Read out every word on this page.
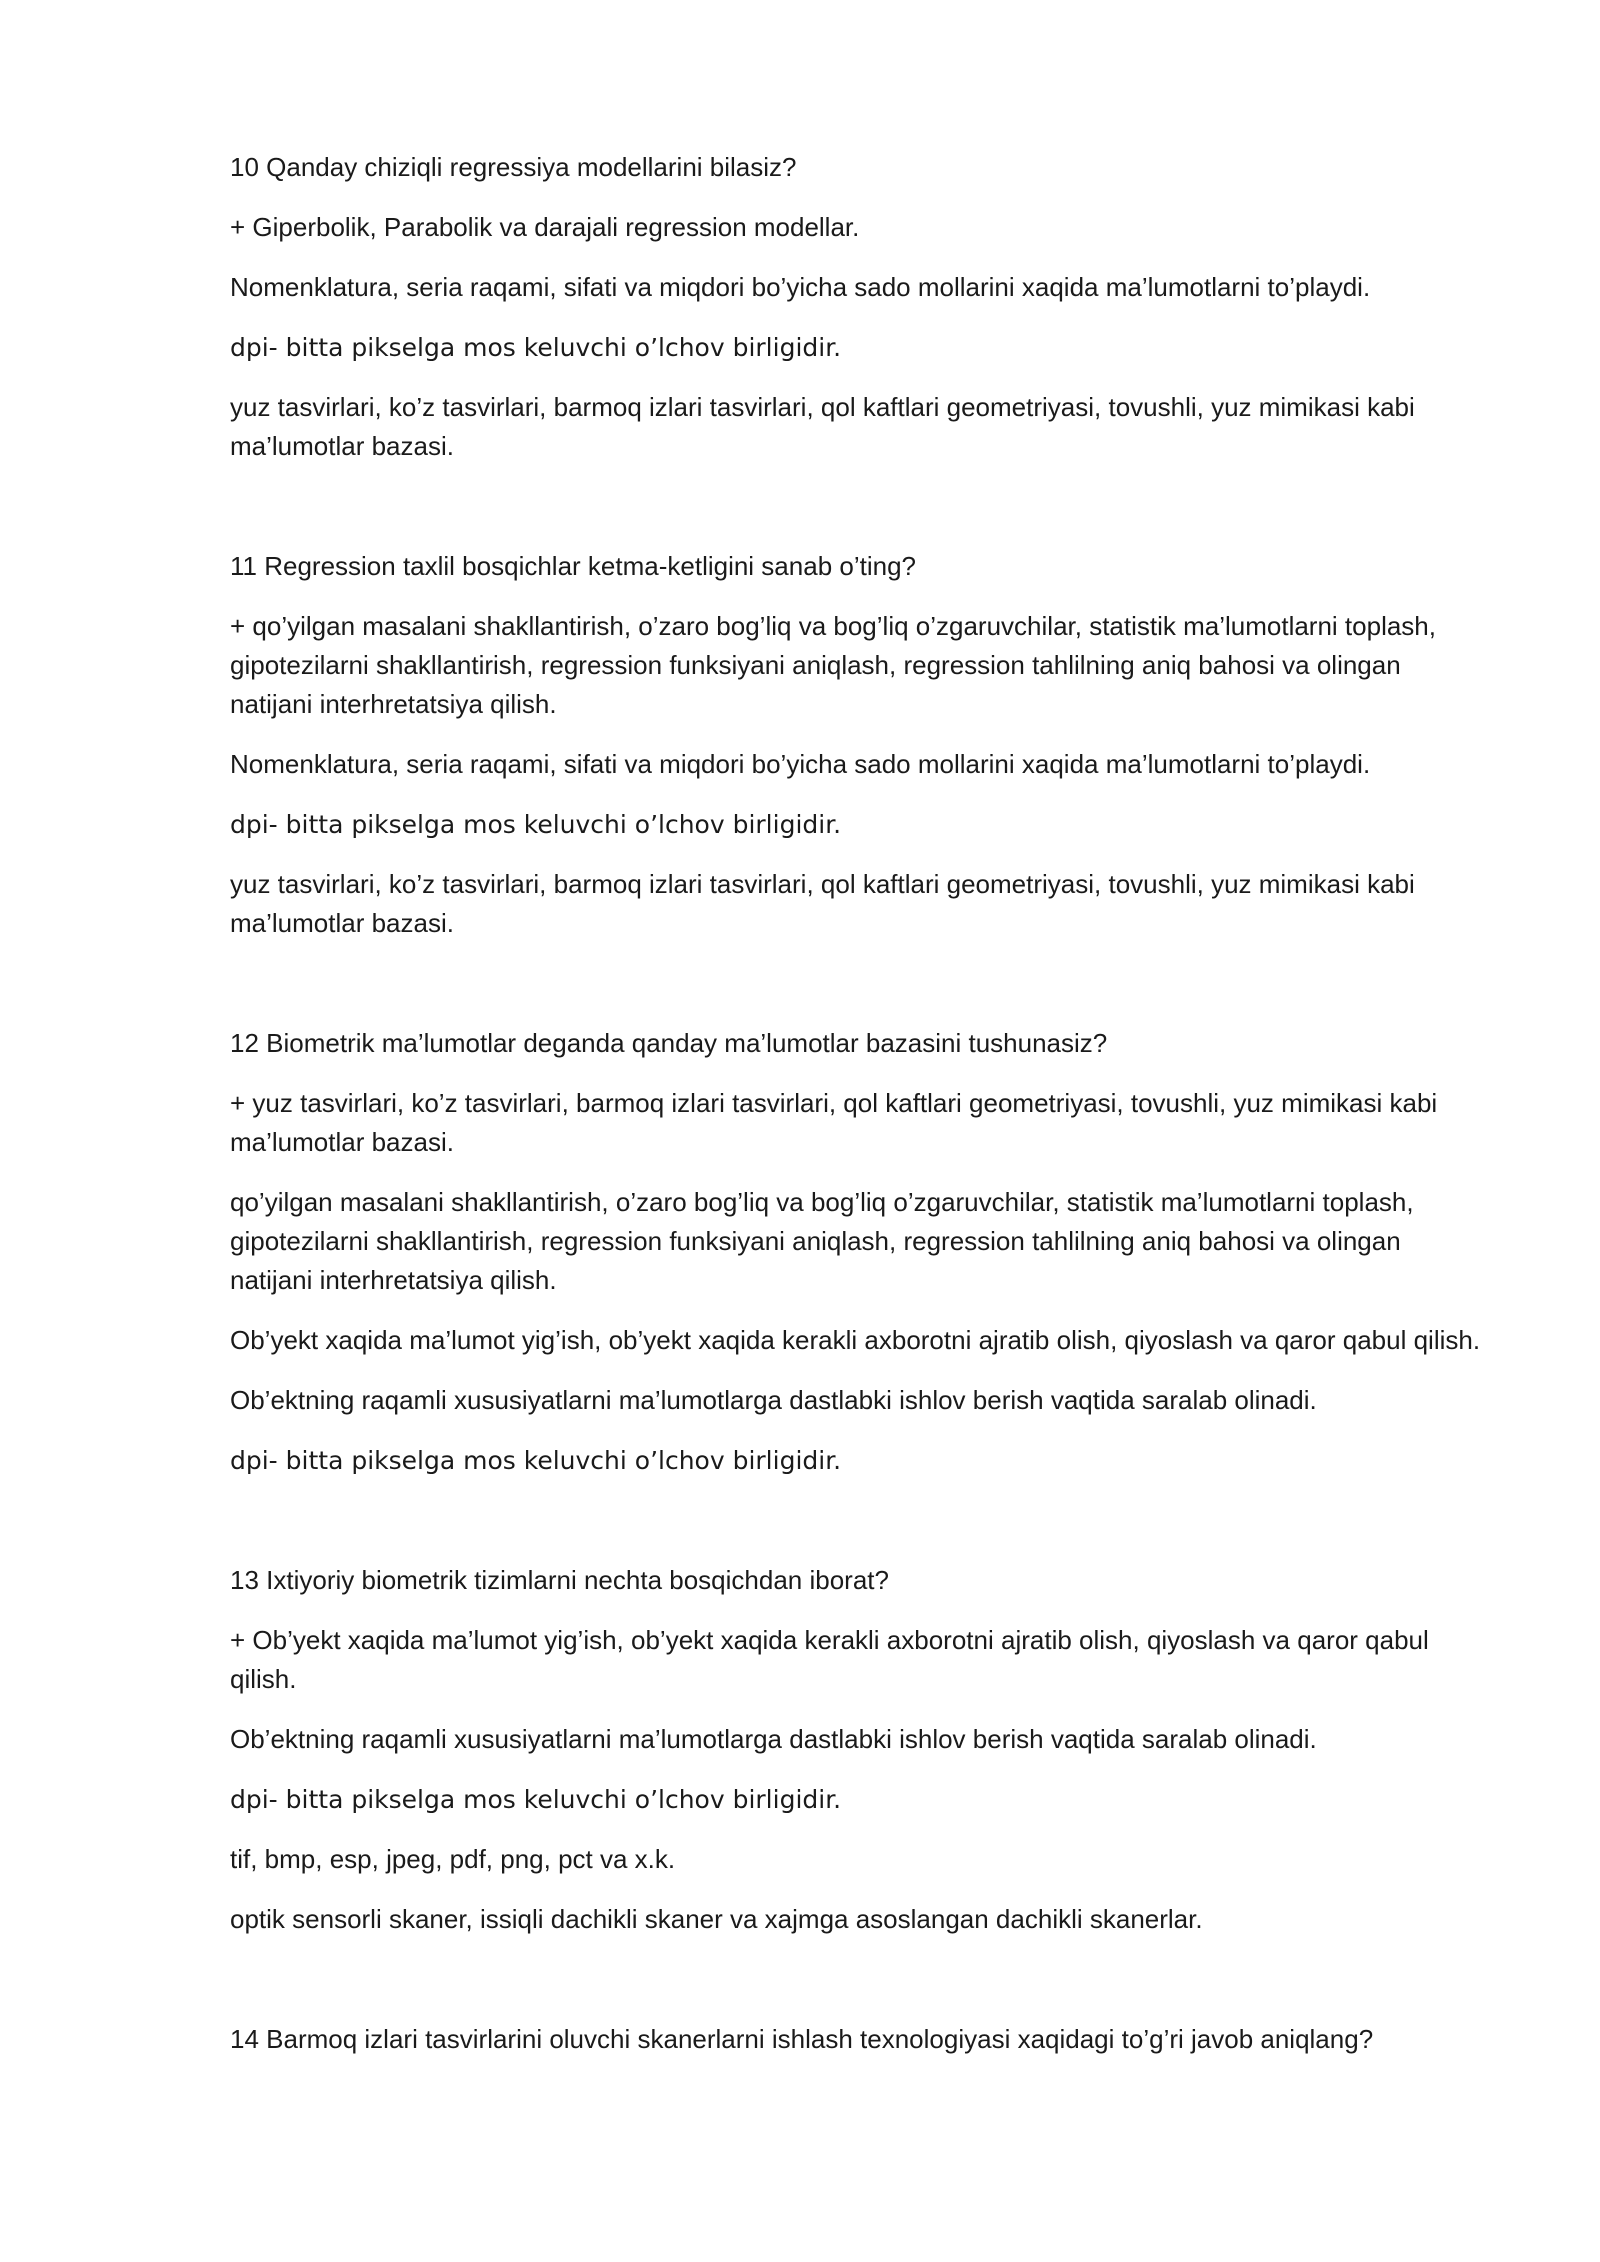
10 Qanday chiziqli regressiya modellarini bilasiz?

+ Giperbolik, Parabolik va darajali regression modellar.

Nomenklatura, seria raqami, sifati va miqdori bo’yicha sado mollarini xaqida ma’lumotlarni to’playdi.

dpi- bitta pikselga mos keluvchi o’lchov birligidir.

yuz tasvirlari, ko’z tasvirlari, barmoq izlari tasvirlari, qol kaftlari geometriyasi, tovushli, yuz mimikasi kabi ma’lumotlar bazasi.

11 Regression taxlil bosqichlar ketma-ketligini sanab o’ting?

+ qo’yilgan masalani shakllantirish, o’zaro bog’liq va bog’liq o’zgaruvchilar, statistik ma’lumotlarni toplash, gipotezilarni shakllantirish, regression funksiyani aniqlash, regression tahlilning aniq bahosi va olingan natijani interhretatsiya qilish.

Nomenklatura, seria raqami, sifati va miqdori bo’yicha sado mollarini xaqida ma’lumotlarni to’playdi.

dpi- bitta pikselga mos keluvchi o’lchov birligidir.

yuz tasvirlari, ko’z tasvirlari, barmoq izlari tasvirlari, qol kaftlari geometriyasi, tovushli, yuz mimikasi kabi ma’lumotlar bazasi.

12 Biometrik ma’lumotlar deganda qanday ma’lumotlar bazasini tushunasiz?

+ yuz tasvirlari, ko’z tasvirlari, barmoq izlari tasvirlari, qol kaftlari geometriyasi, tovushli, yuz mimikasi kabi ma’lumotlar bazasi.

qo’yilgan masalani shakllantirish, o’zaro bog’liq va bog’liq o’zgaruvchilar, statistik ma’lumotlarni toplash, gipotezilarni shakllantirish, regression funksiyani aniqlash, regression tahlilning aniq bahosi va olingan natijani interhretatsiya qilish.

Ob’yekt xaqida ma’lumot yig’ish, ob’yekt xaqida kerakli axborotni ajratib olish, qiyoslash va qaror qabul qilish.

Ob’ektning raqamli xususiyatlarni ma’lumotlarga dastlabki ishlov berish vaqtida saralab olinadi.

dpi- bitta pikselga mos keluvchi o’lchov birligidir.

13 Ixtiyoriy biometrik tizimlarni nechta bosqichdan iborat?

+ Ob’yekt xaqida ma’lumot yig’ish, ob’yekt xaqida kerakli axborotni ajratib olish, qiyoslash va qaror qabul qilish.

Ob’ektning raqamli xususiyatlarni ma’lumotlarga dastlabki ishlov berish vaqtida saralab olinadi.

dpi- bitta pikselga mos keluvchi o’lchov birligidir.

tif, bmp, esp, jpeg, pdf, png, pct va x.k.

optik sensorli skaner, issiqli dachikli skaner va xajmga asoslangan dachikli skanerlar.

14 Barmoq izlari tasvirlarini oluvchi skanerlarni ishlash texnologiyasi xaqidagi to’g’ri javob aniqlang?
